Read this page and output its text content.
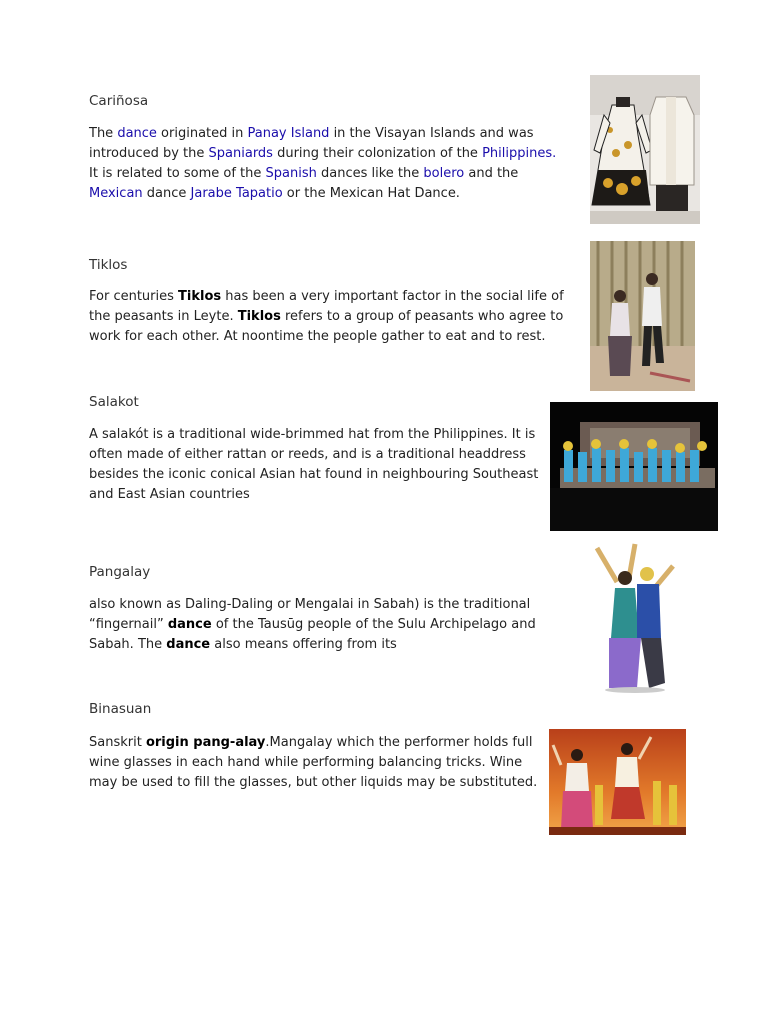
Cariñosa
The dance originated in Panay Island in the Visayan Islands and was introduced by the Spaniards during their colonization of the Philippines. It is related to some of the Spanish dances like the bolero and the Mexican dance Jarabe Tapatio or the Mexican Hat Dance.
Tiklos
For centuries Tiklos has been a very important factor in the social life of the peasants in Leyte. Tiklos refers to a group of peasants who agree to work for each other. At noontime the people gather to eat and to rest.
Salakot
A salakót is a traditional wide-brimmed hat from the Philippines. It is often made of either rattan or reeds, and is a traditional headdress besides the iconic conical Asian hat found in neighbouring Southeast and East Asian countries
Pangalay
also known as Daling-Daling or Mengalai in Sabah) is the traditional “fingernail” dance of the Tausūg people of the Sulu Archipelago and Sabah. The dance also means offering from its
Binasuan
Sanskrit origin pang-alay.Mangalay which the performer holds full wine glasses in each hand while performing balancing tricks. Wine may be used to fill the glasses, but other liquids may be substituted.
